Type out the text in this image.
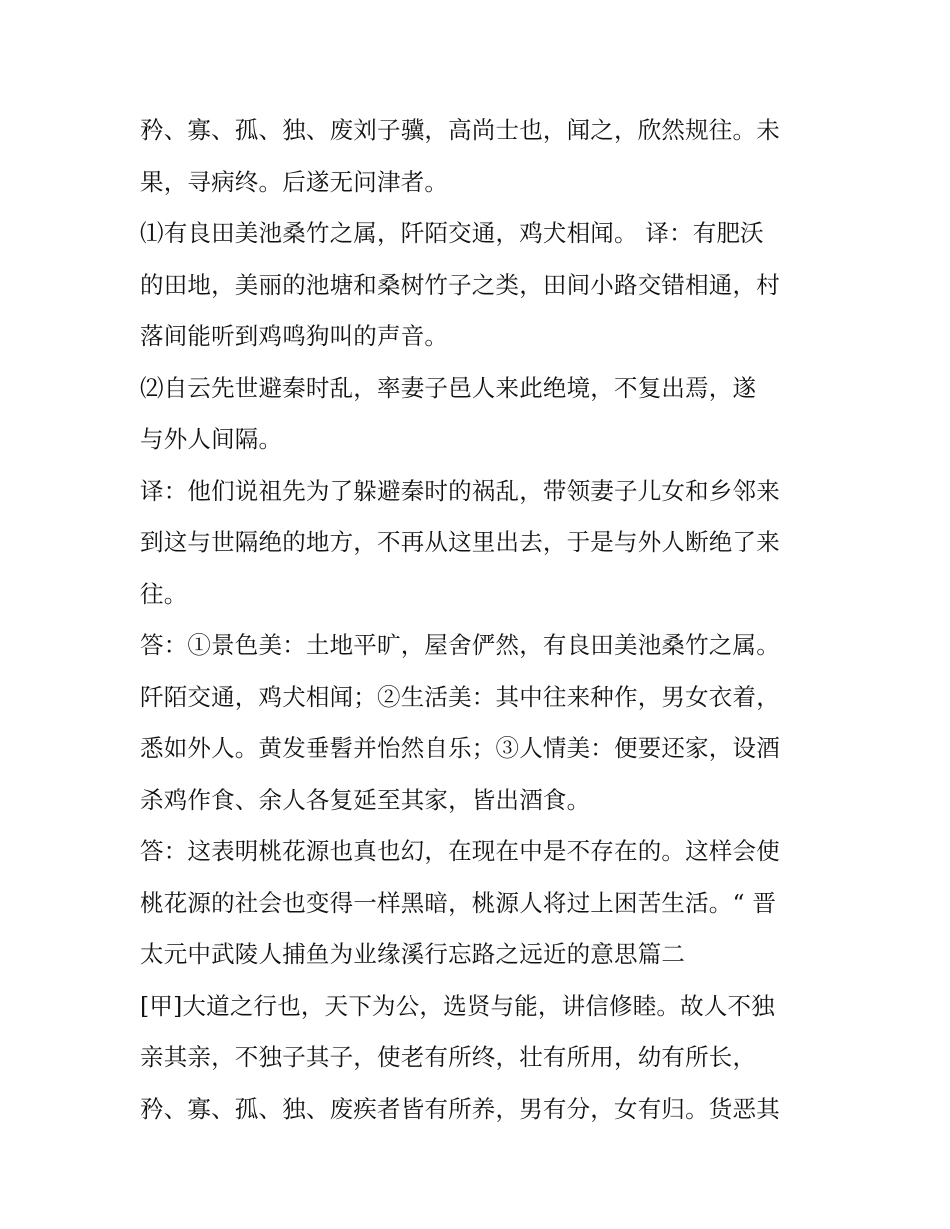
矜、寡、孤、独、废刘子骥，高尚士也，闻之，欣然规往。未
果，寻病终。后遂无问津者。
⑴有良田美池桑竹之属，阡陌交通，鸡犬相闻。 译：有肥沃
的田地，美丽的池塘和桑树竹子之类，田间小路交错相通，村
落间能听到鸡鸣狗叫的声音。
⑵自云先世避秦时乱，率妻子邑人来此绝境，不复出焉，遂
与外人间隔。
译：他们说祖先为了躲避秦时的祸乱，带领妻子儿女和乡邻来
到这与世隔绝的地方，不再从这里出去，于是与外人断绝了来
往。
答：①景色美：土地平旷，屋舍俨然，有良田美池桑竹之属。
阡陌交通，鸡犬相闻；②生活美：其中往来种作，男女衣着，
悉如外人。黄发垂髫并怡然自乐；③人情美：便要还家，设酒
杀鸡作食、余人各复延至其家，皆出酒食。
答：这表明桃花源也真也幻，在现在中是不存在的。这样会使
桃花源的社会也变得一样黑暗，桃源人将过上困苦生活。“ 晋
太元中武陵人捕鱼为业缘溪行忘路之远近的意思篇二
[甲]大道之行也，天下为公，选贤与能，讲信修睦。故人不独
亲其亲，不独子其子，使老有所终，壮有所用，幼有所长，
矜、寡、孤、独、废疾者皆有所养，男有分，女有归。货恶其
